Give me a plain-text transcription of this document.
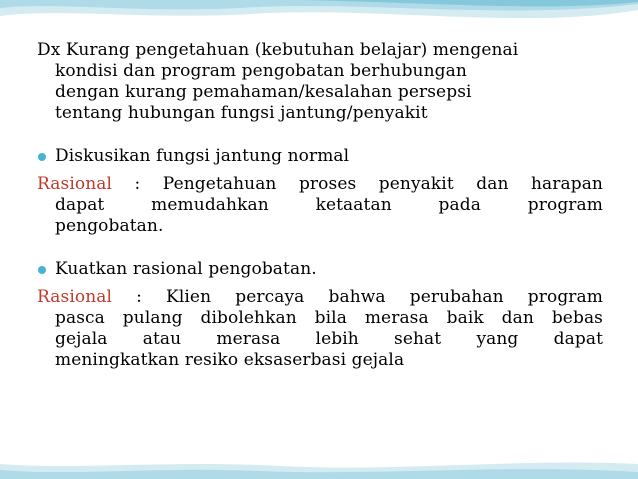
Dx Kurang pengetahuan (kebutuhan belajar) mengenai
kondisi dan program pengobatan berhubungan
dengan kurang pemahaman/kesalahan persepsi
tentang hubungan fungsi jantung/penyakit
Diskusikan fungsi jantung normal
Rasional : Pengetahuan proses penyakit dan harapan
dapat memudahkan ketaatan pada program
pengobatan.
Kuatkan rasional pengobatan.
Rasional : Klien percaya bahwa perubahan program
pasca pulang dibolehkan bila merasa baik dan bebas
gejala atau merasa lebih sehat yang dapat
meningkatkan resiko eksaserbasi gejala
